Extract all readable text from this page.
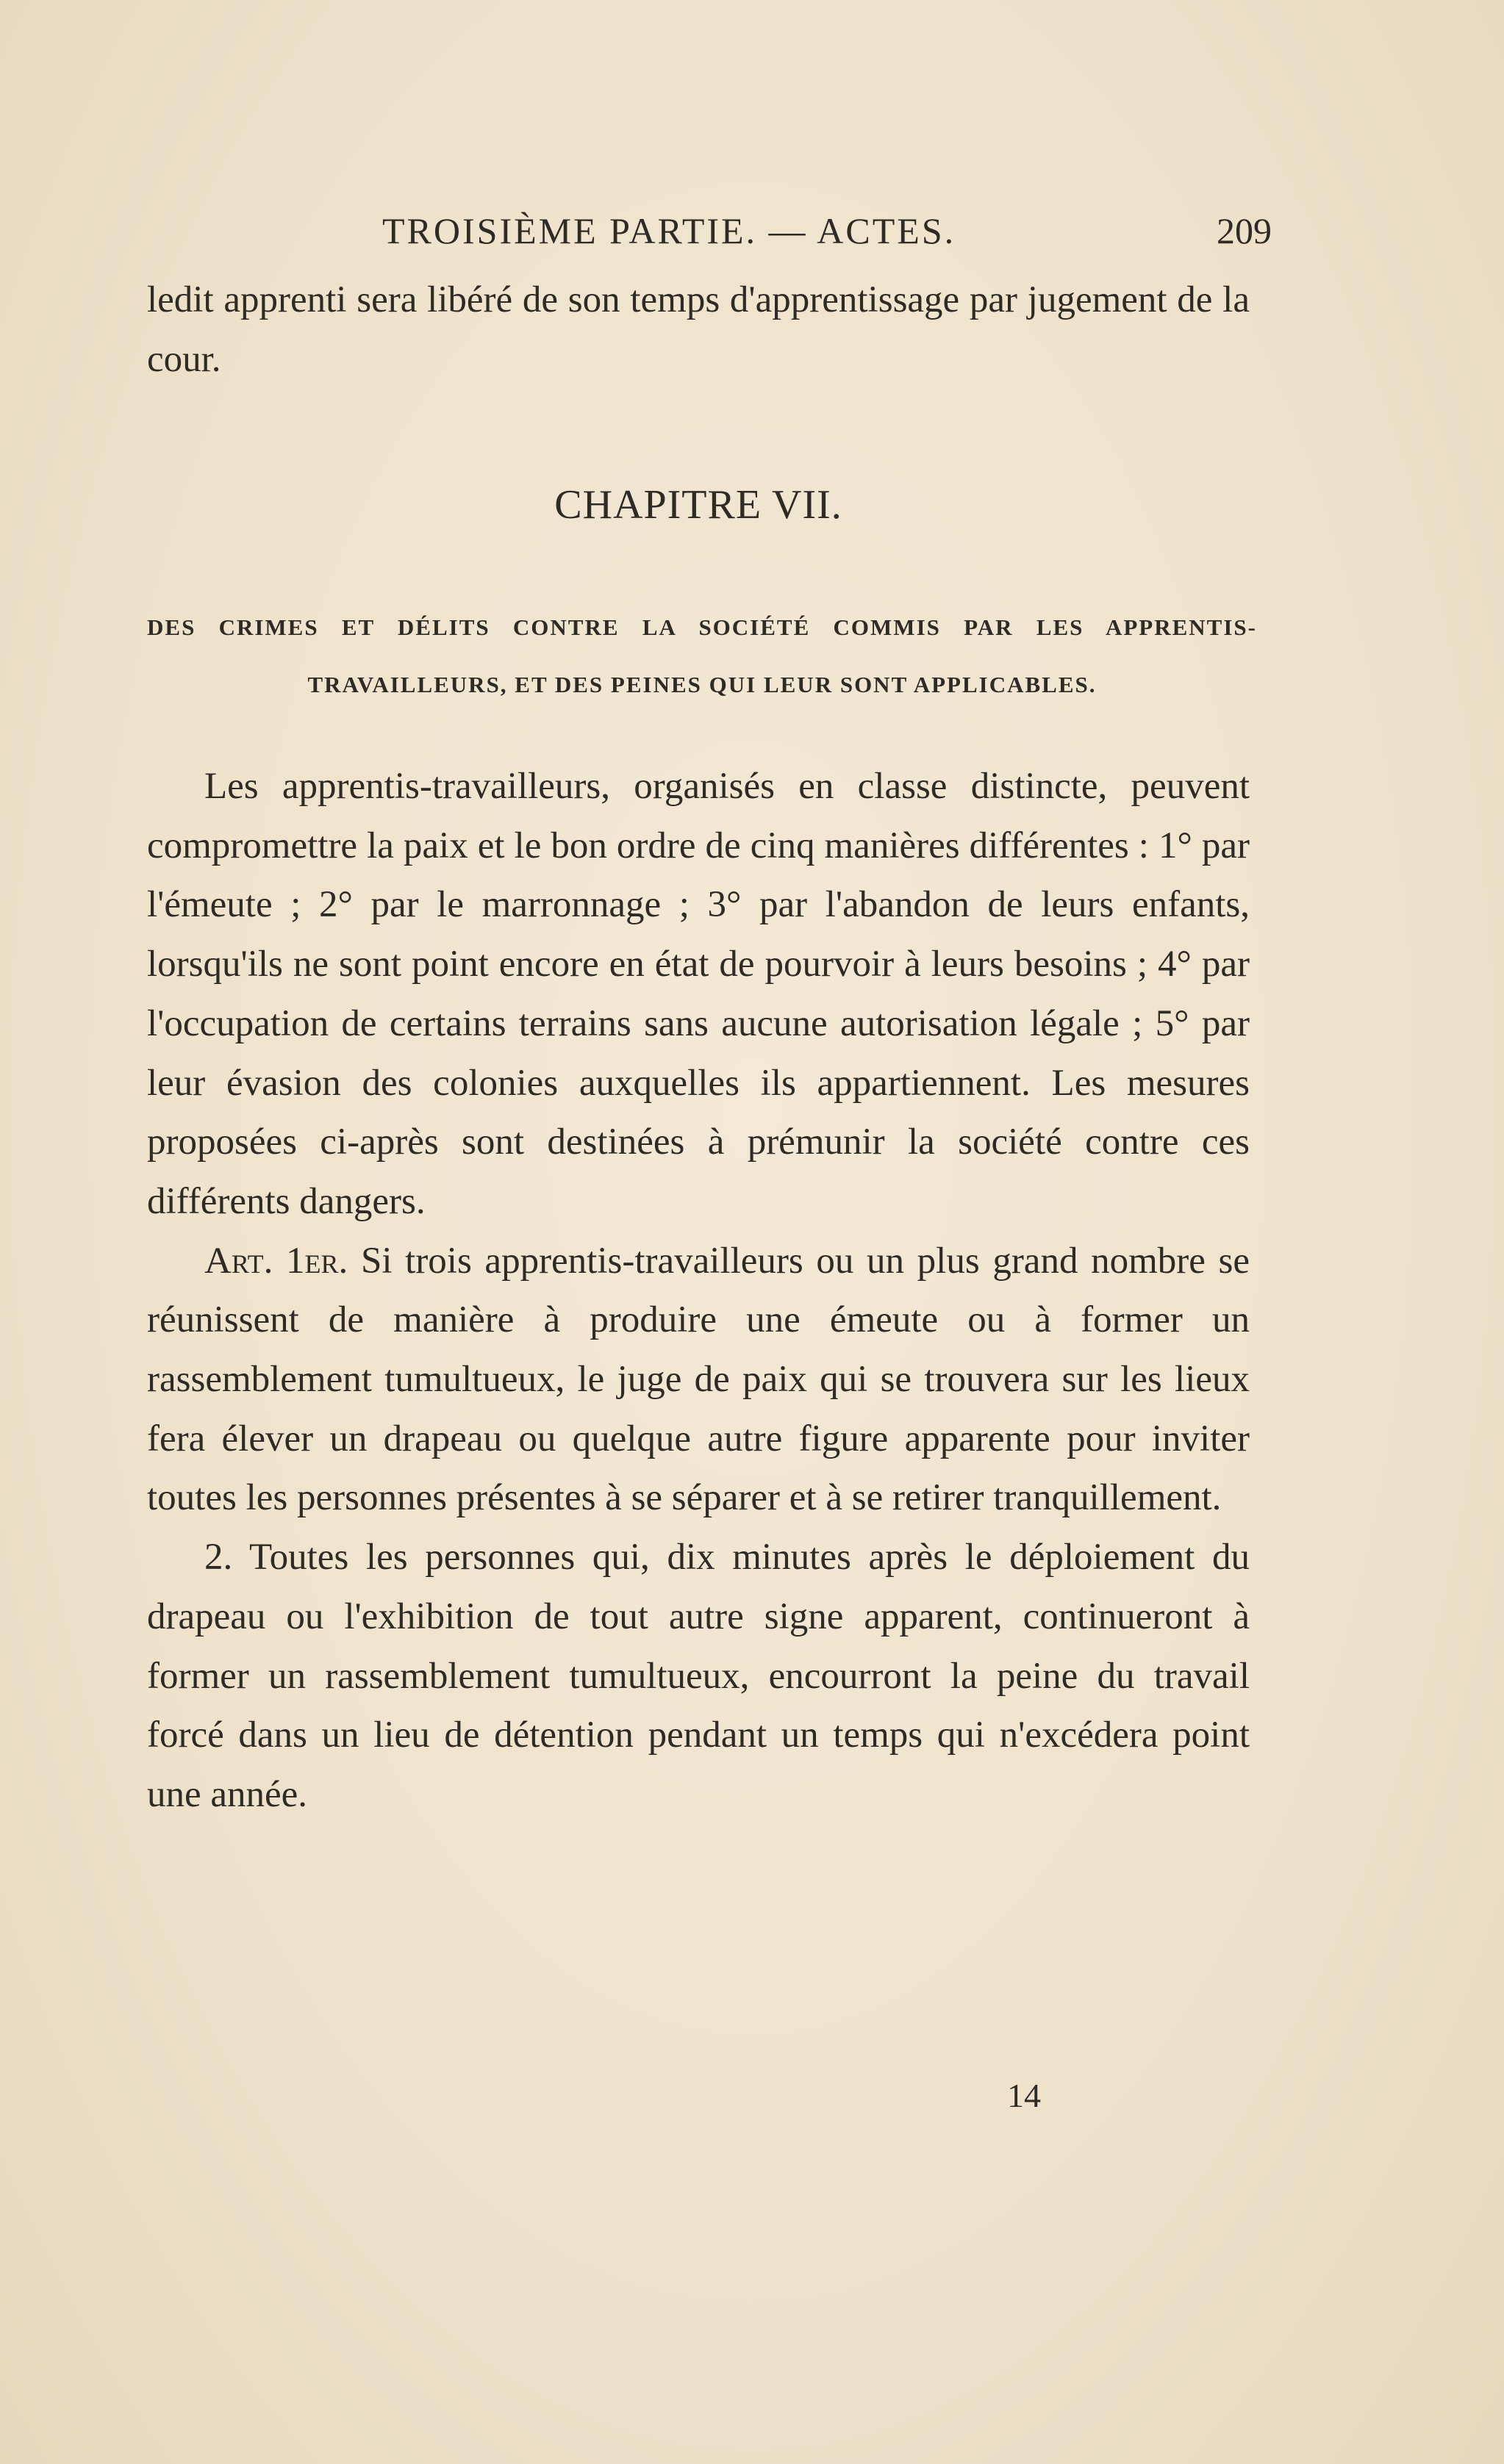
TROISIÈME PARTIE. — ACTES.	209
ledit apprenti sera libéré de son temps d'apprentissage par jugement de la cour.
CHAPITRE VII.
DES CRIMES ET DÉLITS CONTRE LA SOCIÉTÉ COMMIS PAR LES APPRENTIS-TRAVAILLEURS, ET DES PEINES QUI LEUR SONT APPLICABLES.

Les apprentis-travailleurs, organisés en classe distincte, peuvent compromettre la paix et le bon ordre de cinq manières différentes : 1° par l'émeute ; 2° par le marronnage ; 3° par l'abandon de leurs enfants, lorsqu'ils ne sont point encore en état de pourvoir à leurs besoins ; 4° par l'occupation de certains terrains sans aucune autorisation légale ; 5° par leur évasion des colonies auxquelles ils appartiennent. Les mesures proposées ci-après sont destinées à prémunir la société contre ces différents dangers.

Art. 1er. Si trois apprentis-travailleurs ou un plus grand nombre se réunissent de manière à produire une émeute ou à former un rassemblement tumultueux, le juge de paix qui se trouvera sur les lieux fera élever un drapeau ou quelque autre figure apparente pour inviter toutes les personnes présentes à se séparer et à se retirer tranquillement.

2. Toutes les personnes qui, dix minutes après le déploiement du drapeau ou l'exhibition de tout autre signe apparent, continueront à former un rassemblement tumultueux, encourront la peine du travail forcé dans un lieu de détention pendant un temps qui n'excédera point une année.

14
